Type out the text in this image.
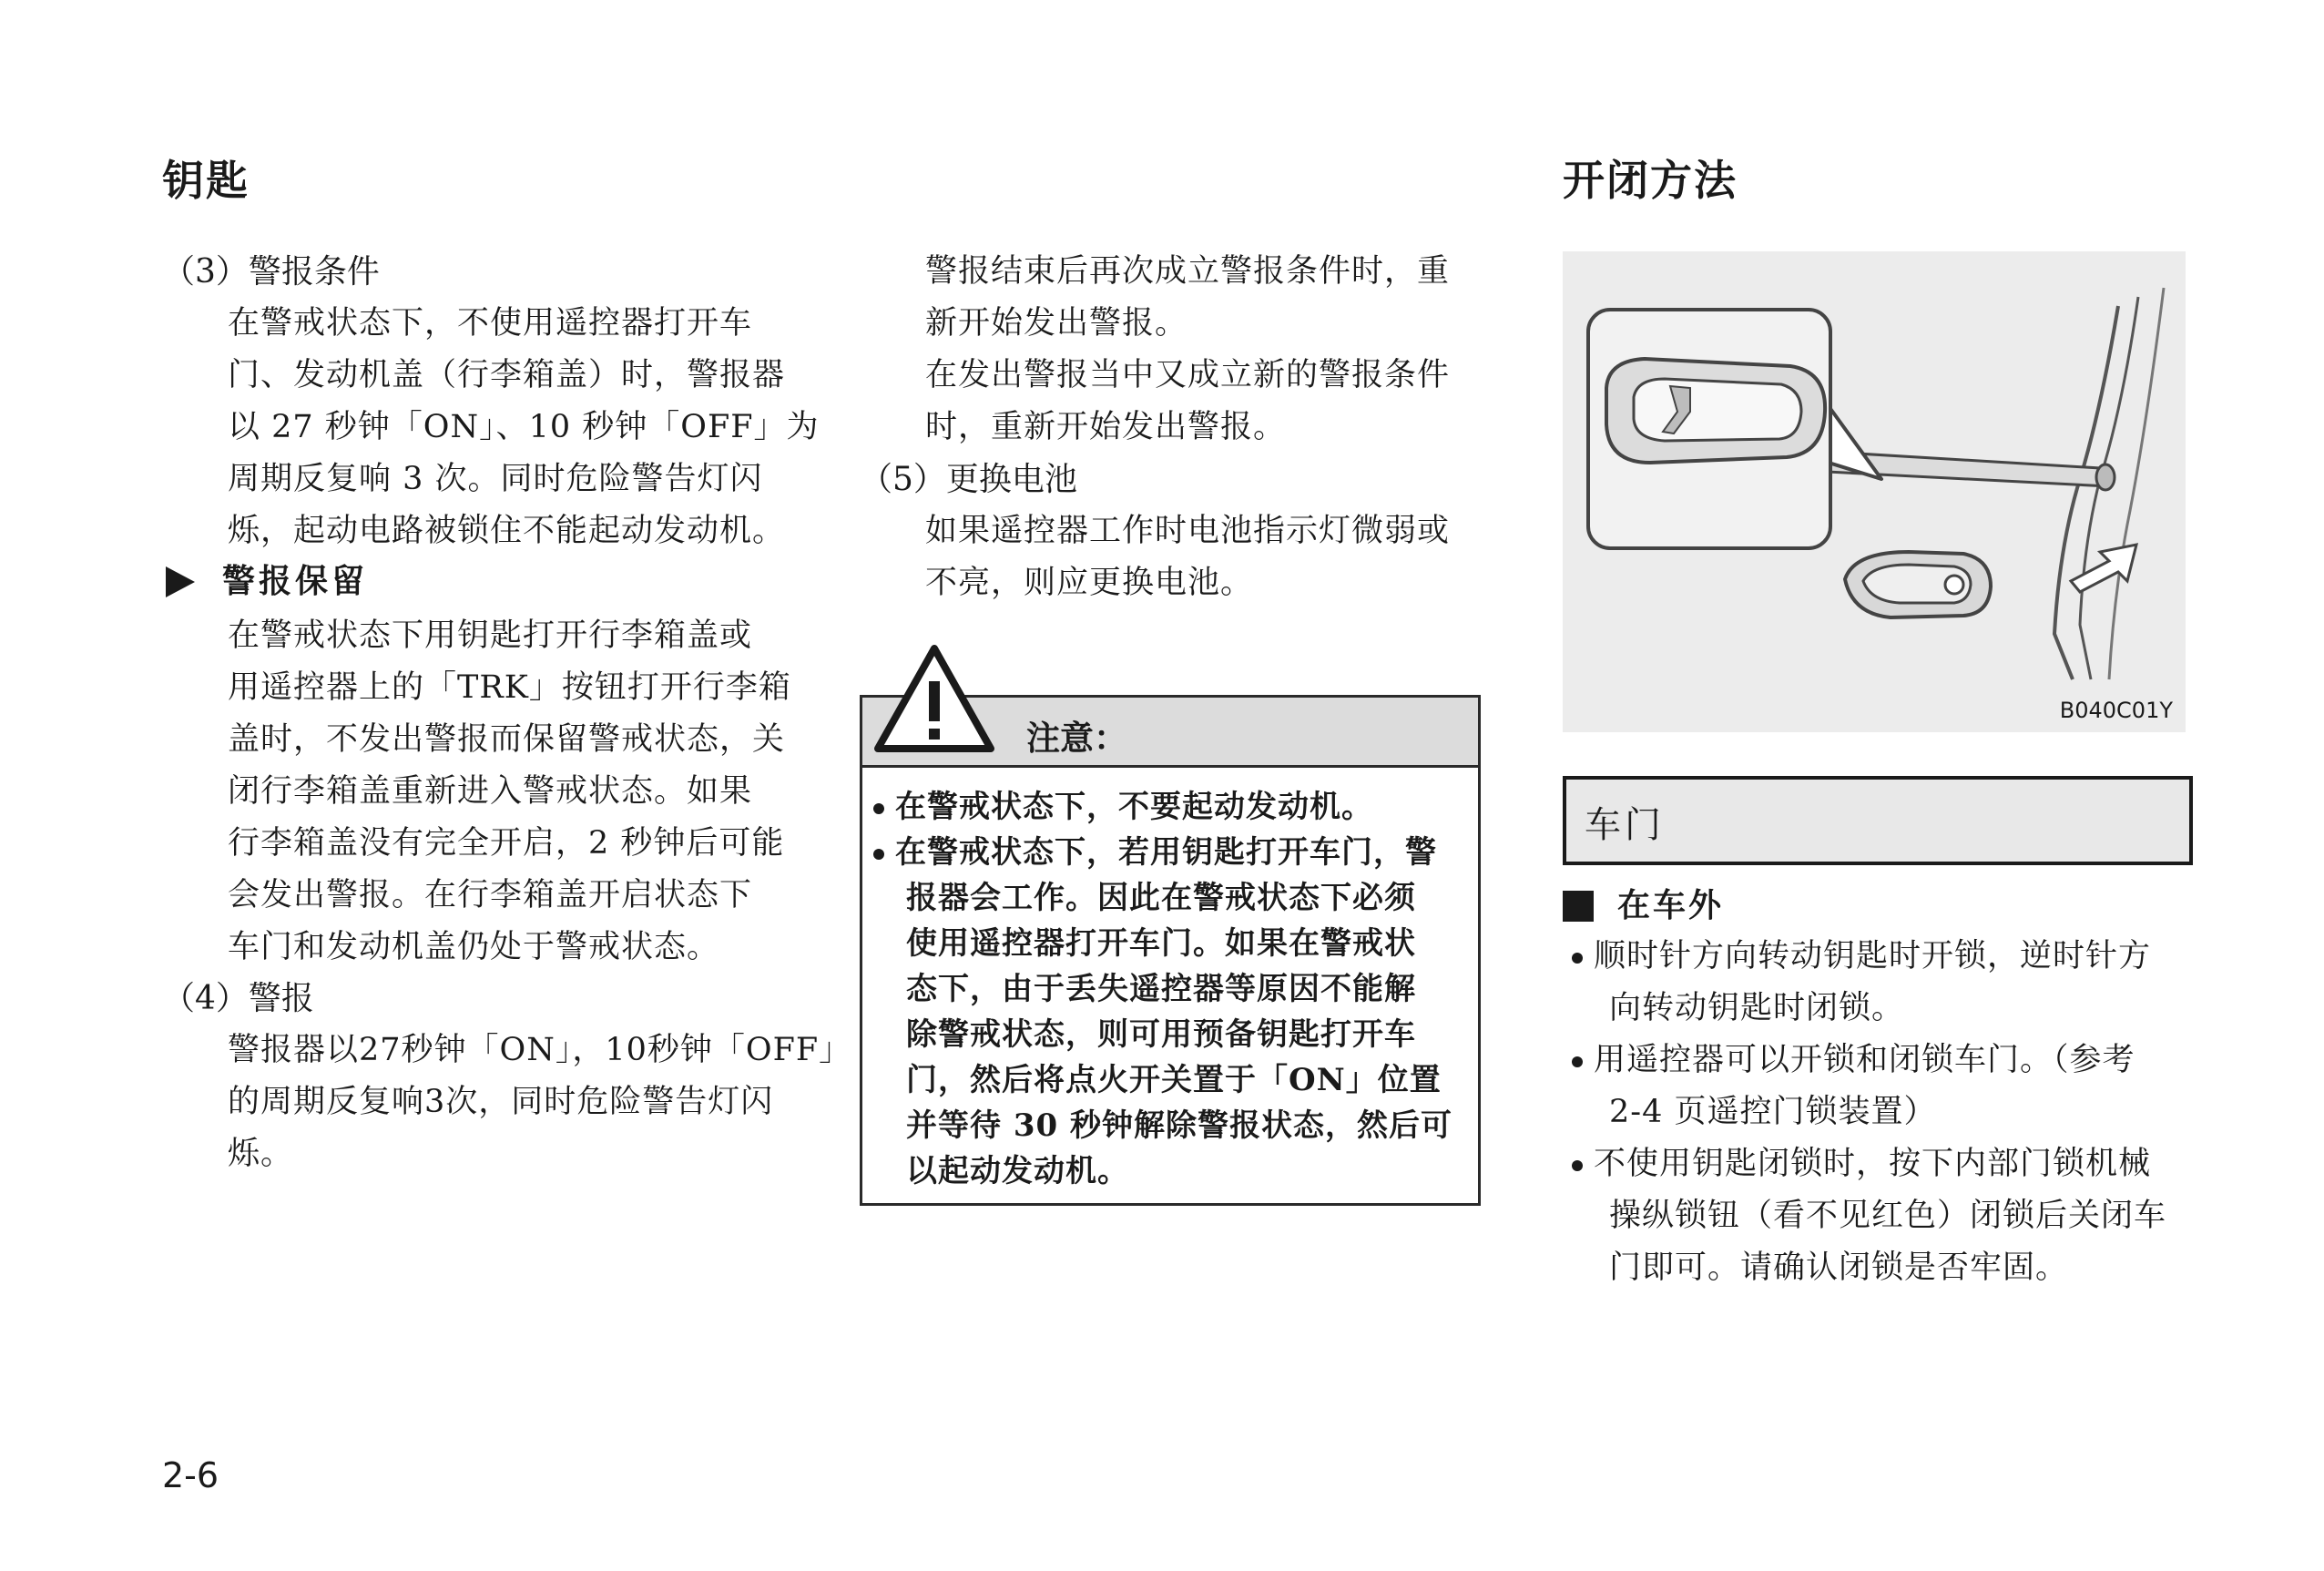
钥匙	开闭方法
（3）警报条件
在警戒状态下，不使用遥控器打开车
门、发动机盖（行李箱盖）时，警报器
以 27 秒钟「ON」、10 秒钟「OFF」为
周期反复响 3 次。同时危险警告灯闪
烁，起动电路被锁住不能起动发动机。
警报保留
在警戒状态下用钥匙打开行李箱盖或
用遥控器上的「TRK」按钮打开行李箱
盖时，不发出警报而保留警戒状态，关
闭行李箱盖重新进入警戒状态。如果
行李箱盖没有完全开启，2 秒钟后可能
会发出警报。在行李箱盖开启状态下
车门和发动机盖仍处于警戒状态。
（4）警报
警报器以27秒钟「ON」，10秒钟「OFF」
的周期反复响3次，同时危险警告灯闪
烁。
警报结束后再次成立警报条件时，重
新开始发出警报。
在发出警报当中又成立新的警报条件
时，重新开始发出警报。
（5）更换电池
如果遥控器工作时电池指示灯微弱或
不亮，则应更换电池。
注意：
在警戒状态下，不要起动发动机。
在警戒状态下，若用钥匙打开车门，警
报器会工作。因此在警戒状态下必须
使用遥控器打开车门。如果在警戒状
态下，由于丢失遥控器等原因不能解
除警戒状态，则可用预备钥匙打开车
门，然后将点火开关置于「ON」位置
并等待 30 秒钟解除警报状态，然后可
以起动发动机。
B040C01Y
车门
在车外
顺时针方向转动钥匙时开锁，逆时针方
向转动钥匙时闭锁。
用遥控器可以开锁和闭锁车门。（参考
2-4 页遥控门锁装置）
不使用钥匙闭锁时，按下内部门锁机械
操纵锁钮（看不见红色）闭锁后关闭车
门即可。请确认闭锁是否牢固。
2-6
